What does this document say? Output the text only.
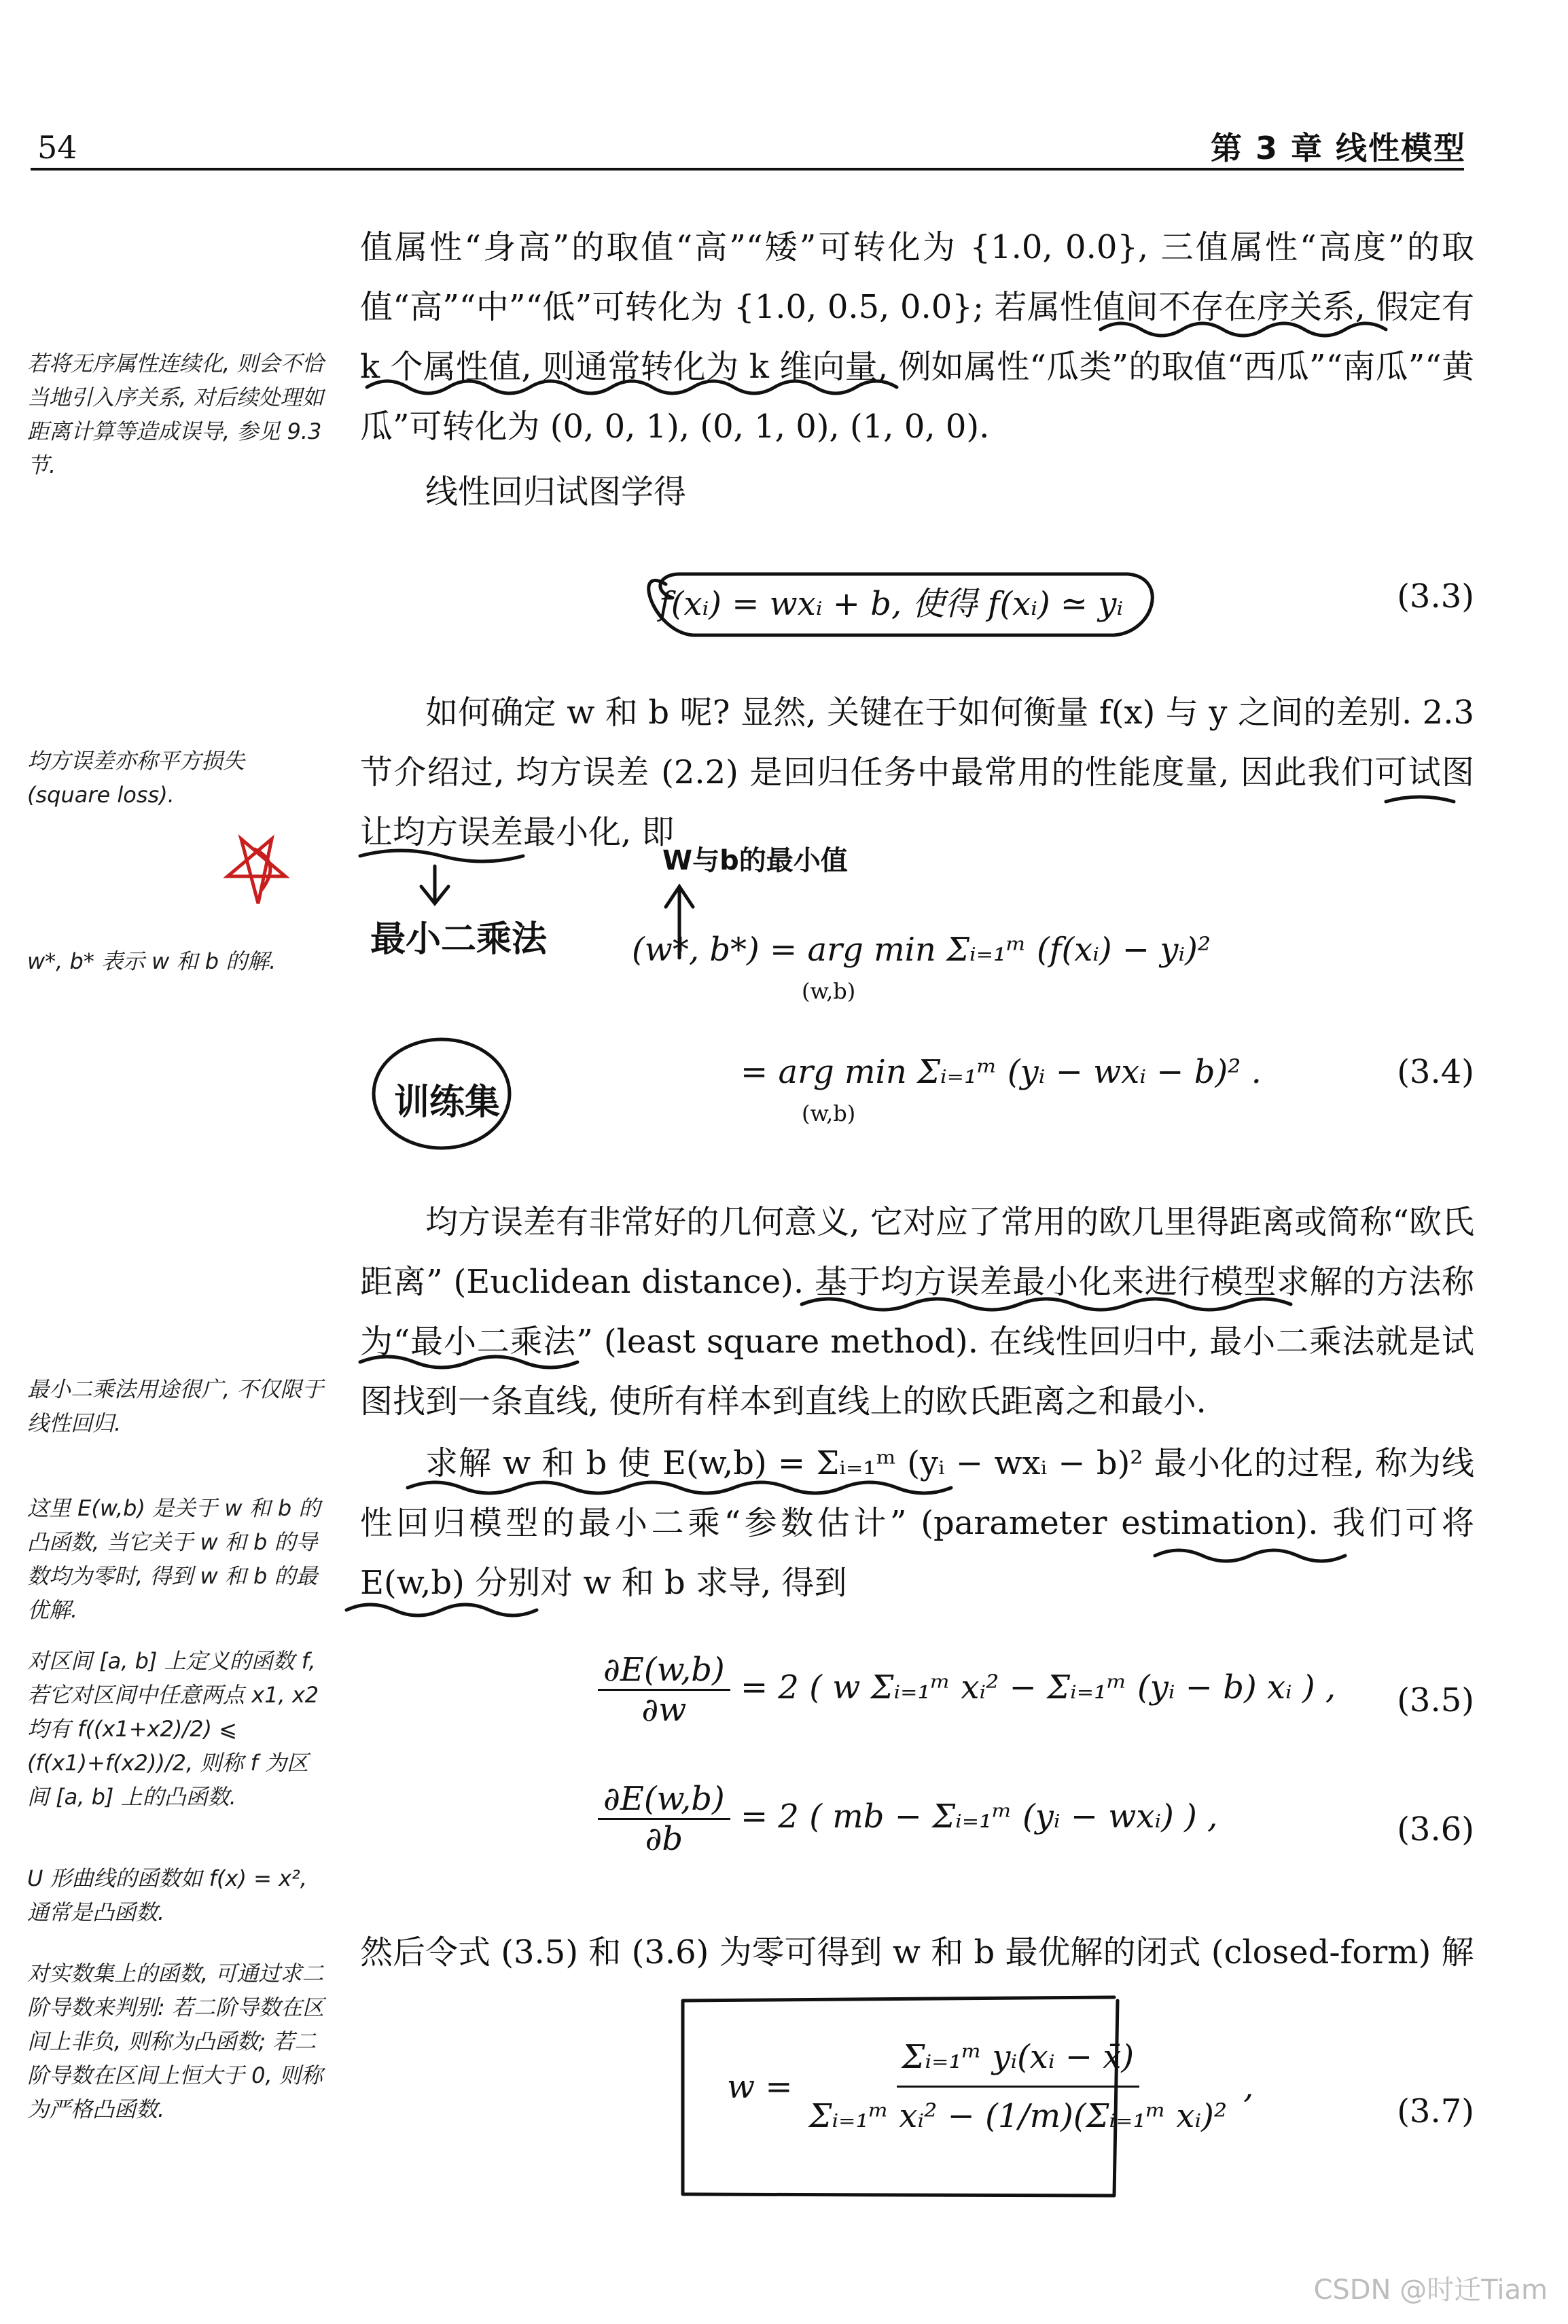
54	第 3 章 线性模型
若将无序属性连续化, 则会不恰当地引入序关系, 对后续处理如距离计算等造成误导, 参见 9.3 节.
均方误差亦称平方损失 (square loss).
w*, b* 表示 w 和 b 的解.
最小二乘法用途很广, 不仅限于线性回归.
这里 E(w,b) 是关于 w 和 b 的凸函数, 当它关于 w 和 b 的导数均为零时, 得到 w 和 b 的最优解.
对区间 [a, b] 上定义的函数 f, 若它对区间中任意两点 x1, x2 均有 f((x1+x2)/2) ⩽ (f(x1)+f(x2))/2, 则称 f 为区间 [a, b] 上的凸函数.
U 形曲线的函数如 f(x) = x², 通常是凸函数.
对实数集上的函数, 可通过求二阶导数来判别: 若二阶导数在区间上非负, 则称为凸函数; 若二阶导数在区间上恒大于 0, 则称为严格凸函数.
值属性“身高”的取值“高”“矮”可转化为 {1.0, 0.0}, 三值属性“高度”的取值“高”“中”“低”可转化为 {1.0, 0.5, 0.0}; 若属性值间不存在序关系, 假定有 k 个属性值, 则通常转化为 k 维向量, 例如属性“瓜类”的取值“西瓜”“南瓜”“黄瓜”可转化为 (0, 0, 1), (0, 1, 0), (1, 0, 0).
线性回归试图学得
f(xᵢ) = wxᵢ + b, 使得 f(xᵢ) ≃ yᵢ	(3.3)
如何确定 w 和 b 呢? 显然, 关键在于如何衡量 f(x) 与 y 之间的差别. 2.3 节介绍过, 均方误差 (2.2) 是回归任务中最常用的性能度量, 因此我们可试图让均方误差最小化, 即
(w*, b*) = arg min Σᵢ₌₁ᵐ (f(xᵢ) − yᵢ)²
(w,b)
= arg min Σᵢ₌₁ᵐ (yᵢ − wxᵢ − b)² .
(w,b)
(3.4)
均方误差有非常好的几何意义, 它对应了常用的欧几里得距离或简称“欧氏距离” (Euclidean distance). 基于均方误差最小化来进行模型求解的方法称为“最小二乘法” (least square method). 在线性回归中, 最小二乘法就是试图找到一条直线, 使所有样本到直线上的欧氏距离之和最小.
求解 w 和 b 使 E(w,b) = Σᵢ₌₁ᵐ (yᵢ − wxᵢ − b)² 最小化的过程, 称为线性回归模型的最小二乘“参数估计” (parameter estimation). 我们可将 E(w,b) 分别对 w 和 b 求导, 得到
$\frac{\partial E(w,b)}{\partial w} = 2$ ( w Σᵢ₌₁ᵐ xᵢ² − Σᵢ₌₁ᵐ (yᵢ − b) xᵢ ) , (3.5)
$\frac{\partial E(w,b)}{\partial b} = 2$ ( mb − Σᵢ₌₁ᵐ (yᵢ − wxᵢ) ) ,	(3.6)
然后令式 (3.5) 和 (3.6) 为零可得到 w 和 b 最优解的闭式 (closed-form) 解
$w = \frac{\text{Σᵢ₌₁ᵐ yᵢ(xᵢ − x̄)}}{\text{Σᵢ₌₁ᵐ xᵢ² − (1/m)(Σᵢ₌₁ᵐ xᵢ)²}}$ ,
(3.7)
最小二乘法
W与b的最小值
训练集
CSDN @时迁Tiam
